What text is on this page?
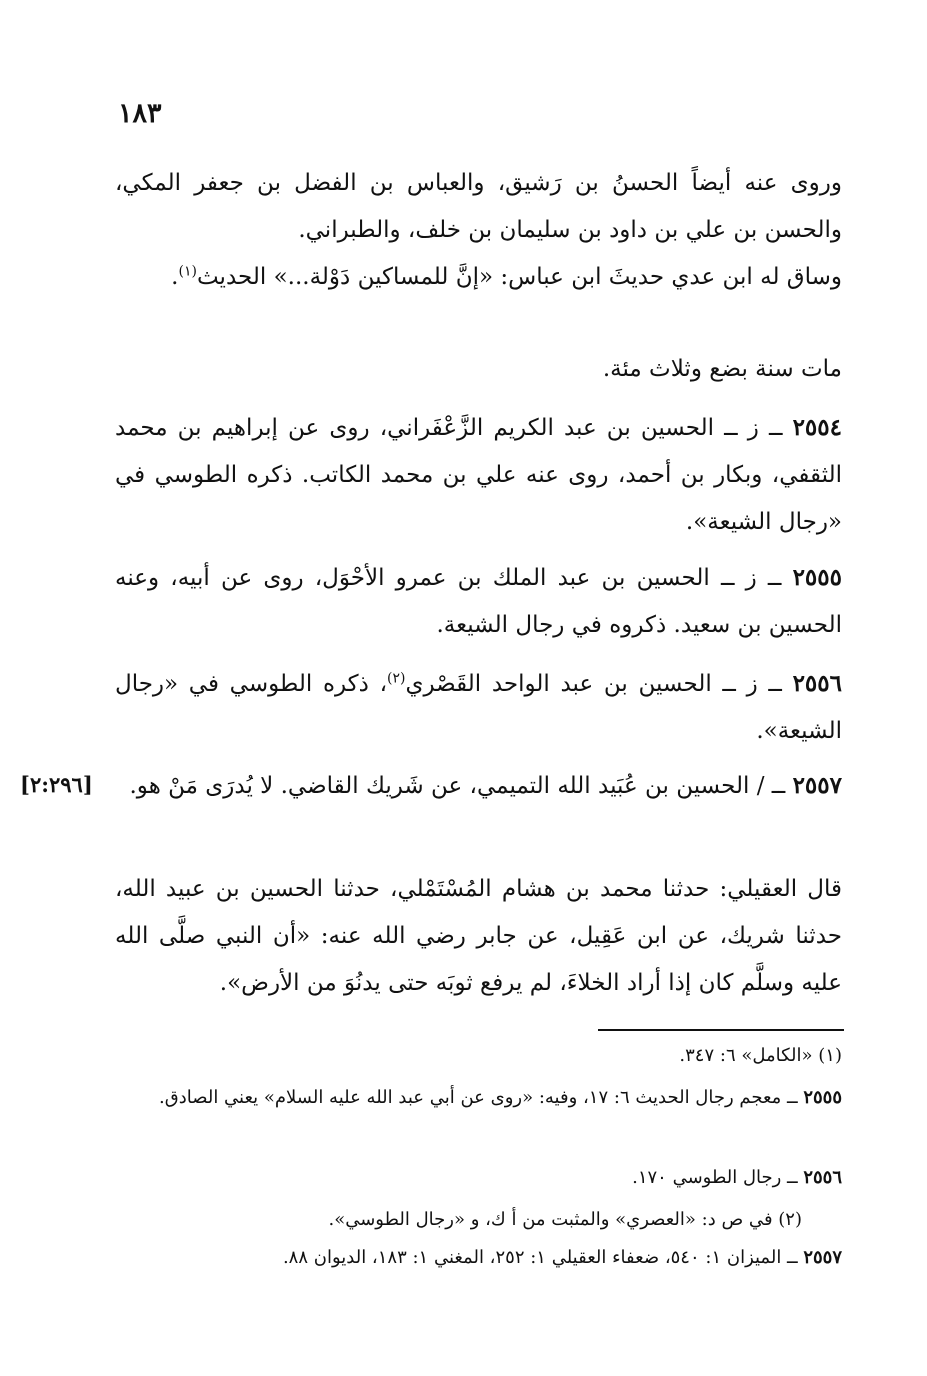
١٨٣
وروى عنه أيضاً الحسنُ بن رَشيق، والعباس بن الفضل بن جعفر المكي، والحسن بن علي بن داود بن سليمان بن خلف، والطبراني.
وساق له ابن عدي حديثَ ابن عباس: «إنَّ للمساكين دَوْلة...» الحديث$^{(١)}$.
مات سنة بضع وثلاث مئة.
٢٥٥٤ ــ ز ــ الحسين بن عبد الكريم الزَّعْفَراني، روى عن إبراهيم بن محمد الثقفي، وبكار بن أحمد، روى عنه علي بن محمد الكاتب. ذكره الطوسي في «رجال الشيعة».
٢٥٥٥ ــ ز ــ الحسين بن عبد الملك بن عمرو الأحْوَل، روى عن أبيه، وعنه الحسين بن سعيد. ذكروه في رجال الشيعة.
٢٥٥٦ ــ ز ــ الحسين بن عبد الواحد القَصْري$^{(٢)}$، ذكره الطوسي في «رجال الشيعة».
٢٥٥٧ ــ / الحسين بن عُبَيد الله التميمي، عن شَريك القاضي. لا يُدرَى مَنْ هو.
[٢:٢٩٦]
قال العقيلي: حدثنا محمد بن هشام المُسْتَمْلي، حدثنا الحسين بن عبيد الله، حدثنا شريك، عن ابن عَقِيل، عن جابر رضي الله عنه: «أن النبي صلَّى الله عليه وسلَّم كان إذا أراد الخلاءَ، لم يرفع ثوبَه حتى يدنُوَ من الأرض».
(١) «الكامل» ٦: ٣٤٧.
٢٥٥٥ ــ معجم رجال الحديث ٦: ١٧، وفيه: «روى عن أبي عبد الله عليه السلام» يعني الصادق.
٢٥٥٦ ــ رجال الطوسي ١٧٠.
(٢) في ص د: «العصري» والمثبت من أ ك، و «رجال الطوسي».
٢٥٥٧ ــ الميزان ١: ٥٤٠، ضعفاء العقيلي ١: ٢٥٢، المغني ١: ١٨٣، الديوان ٨٨.
